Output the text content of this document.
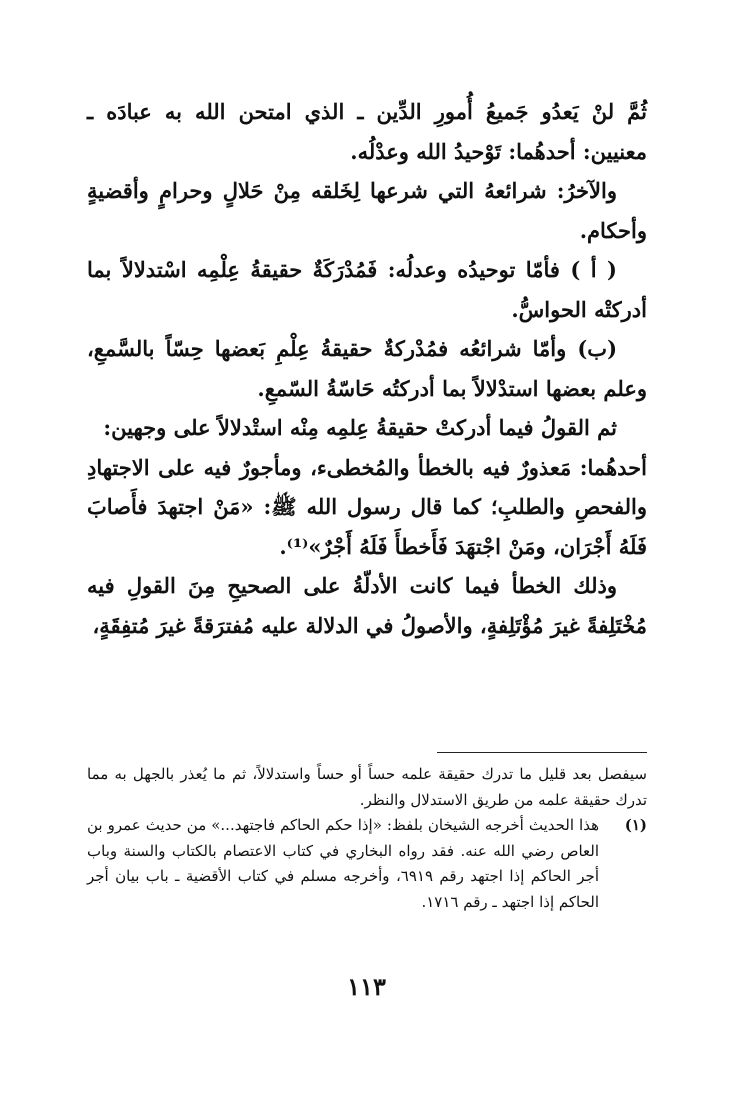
ثُمَّ لنْ يَعدُو جَميعُ أُمورِ الدِّين ـ الذي امتحن الله به عبادَه ـ معنيين: أحدهُما: تَوْحيدُ الله وعدْلُه.

والآخرُ: شرائعهُ التي شرعها لِخَلقه مِنْ حَلالٍ وحرامٍ وأقضيةٍ وأحكام.

( أ ) فأمّا توحيدُه وعدلُه: فَمُدْرَكَةٌ حقيقةُ عِلْمِه اسْتدلالاً بما أدركتْه الحواسُّ.

(ب) وأمّا شرائعُه فمُدْركةٌ حقيقةُ عِلْمِ بَعضها حِسّاً بالسَّمعِ، وعلم بعضها استدْلالاً بما أدركتُه حَاسّةُ السّمعِ.

ثم القولُ فيما أدركتْ حقيقةُ عِلمِه مِنْه استْدلالاً على وجهين:

أحدهُما: مَعذورٌ فيه بالخطأ والمُخطىء، ومأجورٌ فيه على الاجتهادِ والفحصِ والطلبِ؛ كما قال رسول الله ﷺ: «مَنْ اجتهدَ فأَصابَ فَلَهُ أَجْرَان، ومَنْ اجْتهَدَ فَأَخطأَ فَلَهُ أَجْرٌ»⁽¹⁾.

وذلك الخطأ فيما كانت الأدلّةُ على الصحيحِ مِنَ القولِ فيه مُخْتَلِفةً غيرَ مُؤْتَلِفةٍ، والأصولُ في الدلالة عليه مُفترَقةً غيرَ مُتفِقَةٍ،

سيفصل بعد قليل ما تدرك حقيقة علمه حساً أو حساً واستدلالاً، ثم ما يُعذر بالجهل به مما تدرك حقيقة علمه من طريق الاستدلال والنظر.

(١)
هذا الحديث أخرجه الشيخان بلفظ: «إذا حكم الحاكم فاجتهد...» من حديث عمرو بن العاص رضي الله عنه. فقد رواه البخاري في كتاب الاعتصام بالكتاب والسنة وباب أجر الحاكم إذا اجتهد رقم ٦٩١٩، وأخرجه مسلم في كتاب الأقضية ـ باب بيان أجر الحاكم إذا اجتهد ـ رقم ١٧١٦.

١١٣
